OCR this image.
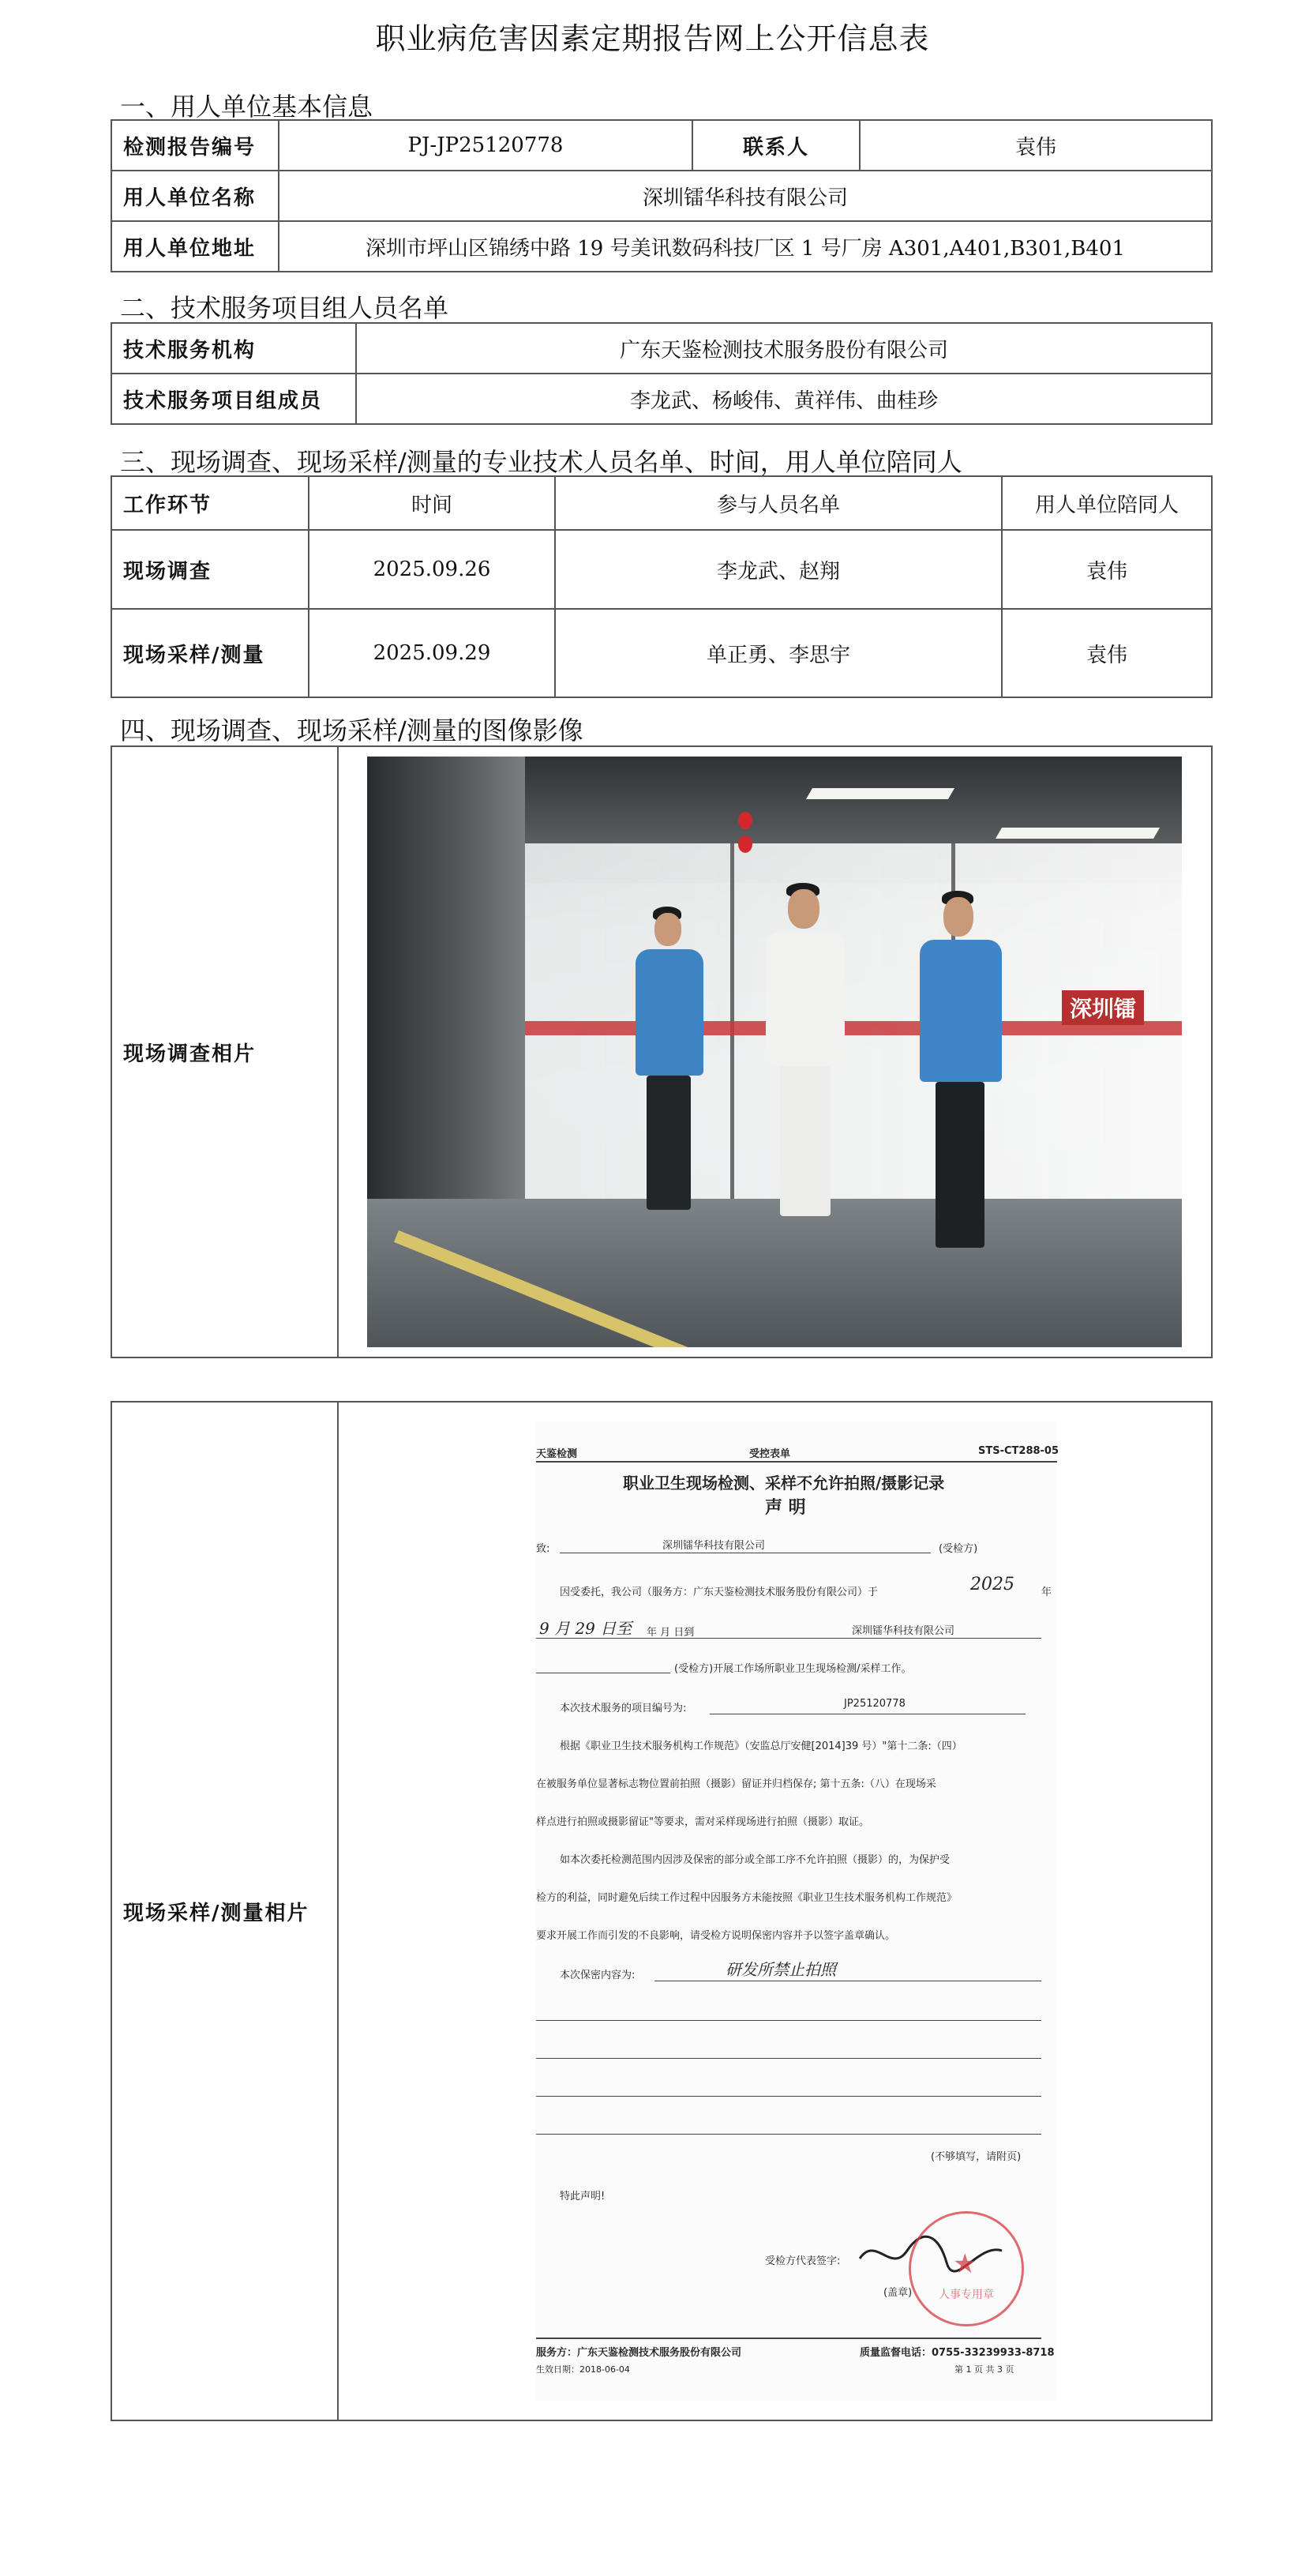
职业病危害因素定期报告网上公开信息表
一、用人单位基本信息
检测报告编号	PJ-JP25120778	联系人	袁伟
用人单位名称	深圳镭华科技有限公司		
用人单位地址	深圳市坪山区锦绣中路 19 号美讯数码科技厂区 1 号厂房 A301,A401,B301,B401		
二、技术服务项目组人员名单
技术服务机构	广东天鉴检测技术服务股份有限公司
技术服务项目组成员	李龙武、杨峻伟、黄祥伟、曲桂珍
三、现场调查、现场采样/测量的专业技术人员名单、时间，用人单位陪同人
工作环节	时间	参与人员名单	用人单位陪同人
现场调查	2025.09.26	李龙武、赵翔	袁伟
现场采样/测量	2025.09.29	单正勇、李思宇	袁伟
四、现场调查、现场采样/测量的图像影像
现场调查相片	
深圳镭
现场采样/测量相片	
天鉴检测	受控表单	STS-CT288-05
职业卫生现场检测、采样不允许拍照/摄影记录
声 明
致:	深圳镭华科技有限公司	(受检方)
因受委托，我公司（服务方：广东天鉴检测技术服务股份有限公司）于	2025	年
9 月 29 日至 年 月 日到	深圳镭华科技有限公司
(受检方)开展工作场所职业卫生现场检测/采样工作。
本次技术服务的项目编号为:	JP25120778
根据《职业卫生技术服务机构工作规范》（安监总厅安健[2014]39 号）"第十二条:（四）
在被服务单位显著标志物位置前拍照（摄影）留证并归档保存; 第十五条:（八）在现场采
样点进行拍照或摄影留证"等要求，需对采样现场进行拍照（摄影）取证。
如本次委托检测范围内因涉及保密的部分或全部工序不允许拍照（摄影）的，为保护受
检方的利益，同时避免后续工作过程中因服务方未能按照《职业卫生技术服务机构工作规范》
要求开展工作而引发的不良影响，请受检方说明保密内容并予以签字盖章确认。
本次保密内容为:	研发所禁止拍照
(不够填写，请附页)
特此声明!
受检方代表签字:
(盖章)
★
人事专用章
服务方：广东天鉴检测技术服务股份有限公司	质量监督电话：0755-33239933-8718
生效日期：2018-06-04	第 1 页 共 3 页
